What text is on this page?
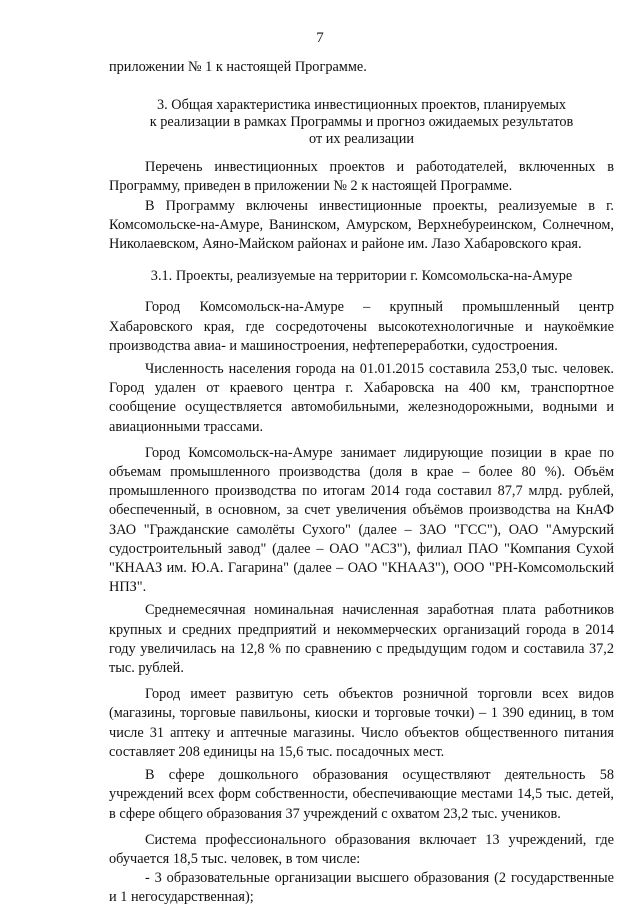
7

приложении № 1 к настоящей Программе.

3. Общая характеристика инвестиционных проектов, планируемых
к реализации в рамках Программы и прогноз ожидаемых результатов
от их реализации

Перечень инвестиционных проектов и работодателей, включенных в Программу, приведен в приложении № 2 к настоящей Программе.

В Программу включены инвестиционные проекты, реализуемые в г. Комсомольске-на-Амуре, Ванинском, Амурском, Верхнебуреинском, Солнечном, Николаевском, Аяно-Майском районах и районе им. Лазо Хабаровского края.

3.1. Проекты, реализуемые на территории г. Комсомольска-на-Амуре

Город Комсомольск-на-Амуре – крупный промышленный центр Хабаровского края, где сосредоточены высокотехнологичные и наукоёмкие производства авиа- и машиностроения, нефтепереработки, судостроения.

Численность населения города на 01.01.2015 составила 253,0 тыс. человек. Город удален от краевого центра г. Хабаровска на 400 км, транспортное сообщение осуществляется автомобильными, железнодорожными, водными и авиационными трассами.

Город Комсомольск-на-Амуре занимает лидирующие позиции в крае по объемам промышленного производства (доля в крае – более 80 %). Объём промышленного производства по итогам 2014 года составил 87,7 млрд. рублей, обеспеченный, в основном, за счет увеличения объёмов производства на КнАФ ЗАО "Гражданские самолёты Сухого" (далее – ЗАО "ГСС"), ОАО "Амурский судостроительный завод" (далее – ОАО "АСЗ"), филиал ПАО "Компания Сухой "КНААЗ им. Ю.А. Гагарина" (далее – ОАО "КНААЗ"), ООО "РН-Комсомольский НПЗ".

Среднемесячная номинальная начисленная заработная плата работников крупных и средних предприятий и некоммерческих организаций города в 2014 году увеличилась на 12,8 % по сравнению с предыдущим годом и составила 37,2 тыс. рублей.

Город имеет развитую сеть объектов розничной торговли всех видов (магазины, торговые павильоны, киоски и торговые точки) – 1 390 единиц, в том числе 31 аптеку и аптечные магазины. Число объектов общественного питания составляет 208 единицы на 15,6 тыс. посадочных мест.

В сфере дошкольного образования осуществляют деятельность 58 учреждений всех форм собственности, обеспечивающие местами 14,5 тыс. детей, в сфере общего образования 37 учреждений с охватом 23,2 тыс. учеников.

Система профессионального образования включает 13 учреждений, где обучается 18,5 тыс. человек, в том числе:

- 3 образовательные организации высшего образования (2 государственные и 1 негосударственная);
